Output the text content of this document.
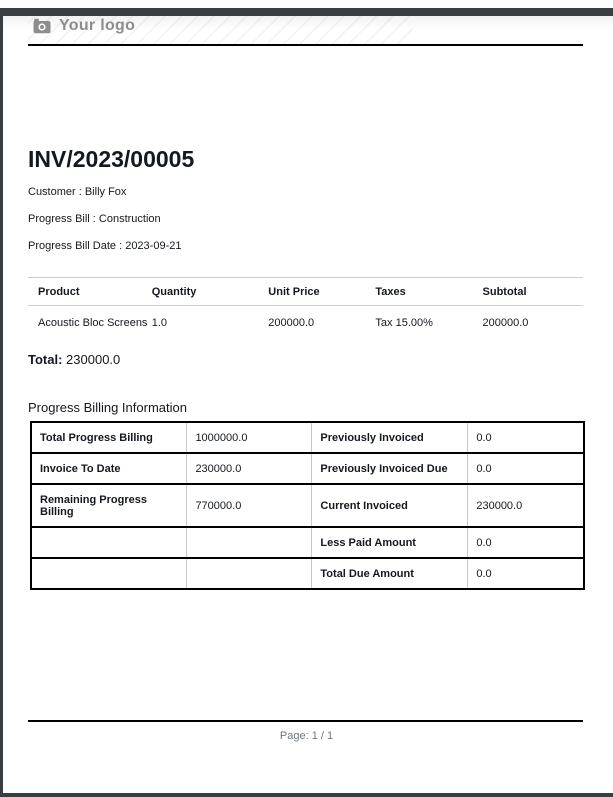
Your logo
INV/2023/00005

Customer : Billy Fox

Progress Bill : Construction

Progress Bill Date : 2023-09-21

Product	Quantity	Unit Price	Taxes	Subtotal
Acoustic Bloc Screens	1.0	200000.0	Tax 15.00%	200000.0

Total: 230000.0

Progress Billing Information
Total Progress Billing	1000000.0	Previously Invoiced	0.0
Invoice To Date	230000.0	Previously Invoiced Due	0.0
Remaining Progress Billing	770000.0	Current Invoiced	230000.0
		Less Paid Amount	0.0
		Total Due Amount	0.0
Page: 1 / 1
